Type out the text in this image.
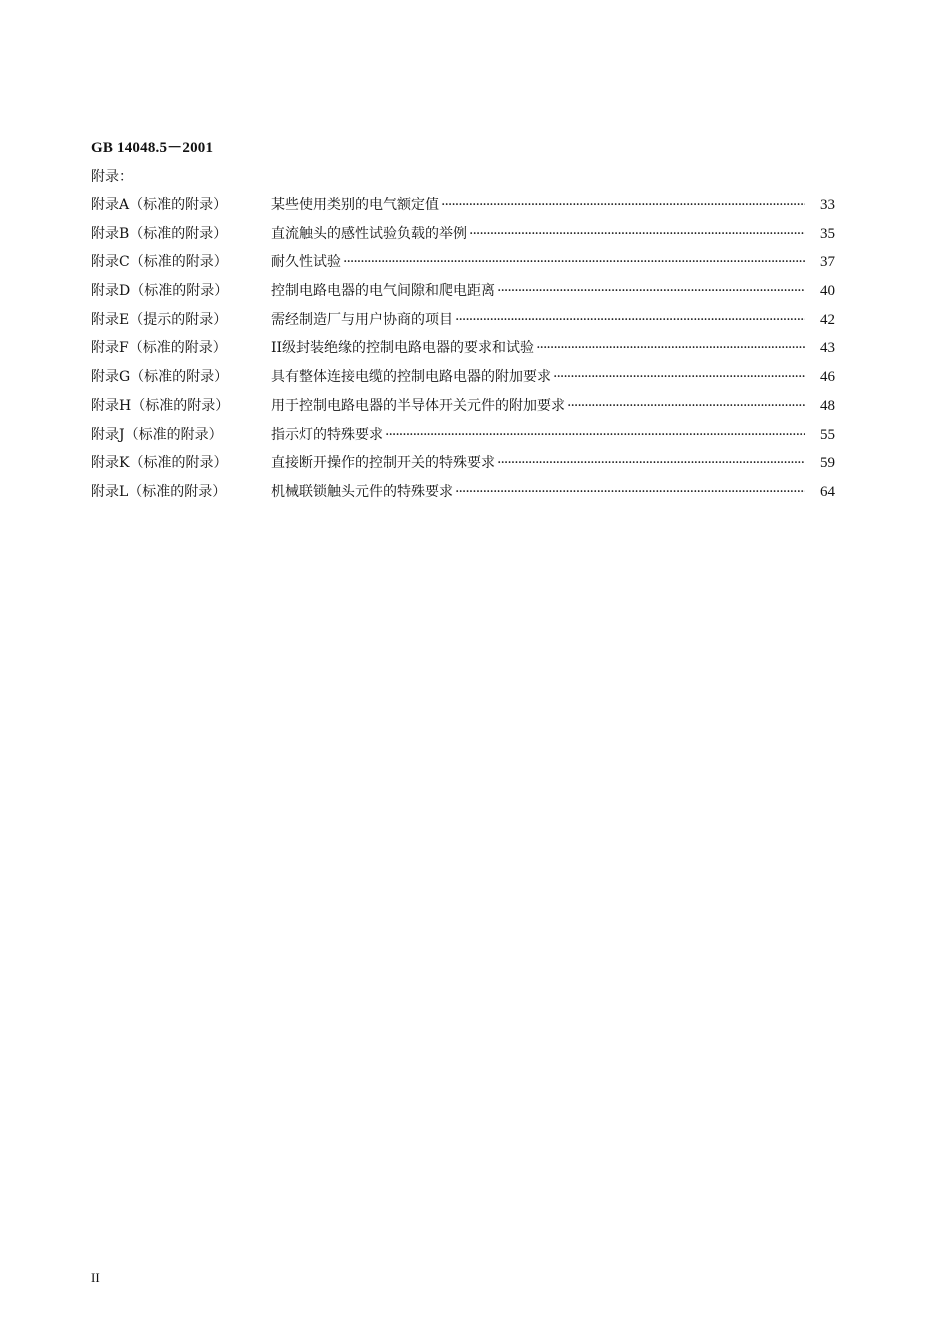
GB 14048.5－2001
附录：
附录A（标准的附录）	某些使用类别的电气额定值 ·····	33
附录B（标准的附录）	直流触头的感性试验负载的举例 ·····	35
附录C（标准的附录）	耐久性试验 ·····	37
附录D（标准的附录）	控制电路电器的电气间隙和爬电距离 ·····	40
附录E（提示的附录）	需经制造厂与用户协商的项目 ·····	42
附录F（标准的附录）	II级封装绝缘的控制电路电器的要求和试验 ·····	43
附录G（标准的附录）	具有整体连接电缆的控制电路电器的附加要求 ·····	46
附录H（标准的附录）	用于控制电路电器的半导体开关元件的附加要求 ·····	48
附录J（标准的附录）	指示灯的特殊要求 ·····	55
附录K（标准的附录）	直接断开操作的控制开关的特殊要求 ·····	59
附录L（标准的附录）	机械联锁触头元件的特殊要求 ·····	64
II
